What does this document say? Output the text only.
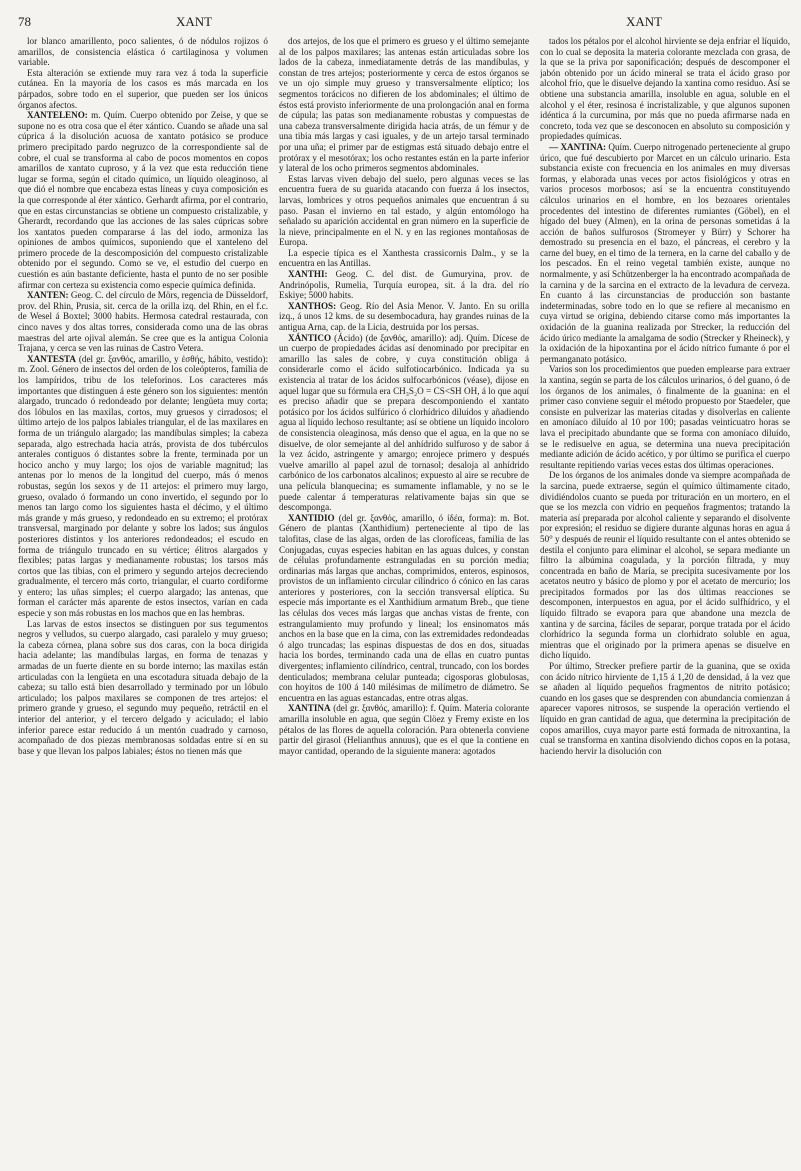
78	XANT	XANT

lor blanco amarillento, poco salientes, ó de nódulos rojizos ó amarillos, de consistencia elástica ó cartilaginosa y volumen variable.

Esta alteración se extiende muy rara vez á toda la superficie cutánea. En la mayoría de los casos es más marcada en los párpados, sobre todo en el superior, que pueden ser los únicos órganos afectos.

XANTELENO: m. Quím. Cuerpo obtenido por Zeise, y que se supone no es otra cosa que el éter xántico. Cuando se añade una sal cúprica á la disolución acuosa de xantato potásico se produce primero precipitado pardo negruzco de la correspondiente sal de cobre, el cual se transforma al cabo de pocos momentos en copos amarillos de xantato cuproso, y á la vez que esta reducción tiene lugar se forma, según el citado químico, un líquido oleaginoso, al que dió el nombre que encabeza estas líneas y cuya composición es la que corresponde al éter xántico. Gerhardt afirma, por el contrario, que en estas circunstancias se obtiene un compuesto cristalizable, y Gherardt, recordando que las acciones de las sales cúpricas sobre los xantatos pueden compararse á las del iodo, armoniza las opiniones de ambos químicos, suponiendo que el xanteleno del primero procede de la descomposición del compuesto cristalizable obtenido por el segundo. Como se ve, el estudio del cuerpo en cuestión es aún bastante deficiente, hasta el punto de no ser posible afirmar con certeza su existencia como especie química definida.

XANTEN: Geog. C. del círculo de Mörs, regencia de Düsseldorf, prov. del Rhin, Prusia, sit. cerca de la orilla izq. del Rhin, en el f.c. de Wesel á Boxtel; 3000 habits. Hermosa catedral restaurada, con cinco naves y dos altas torres, considerada como una de las obras maestras del arte ojival alemán. Se cree que es la antigua Colonia Trajana, y cerca se ven las ruinas de Castro Vetera.

XANTESTA (del gr. ξανθός, amarillo, y ἐσθής, hábito, vestido): m. Zool. Género de insectos del orden de los coleópteros, familia de los lampíridos, tribu de los teleforinos. Los caracteres más importantes que distinguen á este género son los siguientes: mentón alargado, truncado ó redondeado por delante; lengüeta muy corta; dos lóbulos en las maxilas, cortos, muy gruesos y cirradosos; el último artejo de los palpos labiales triangular, el de las maxilares en forma de un triángulo alargado; las mandíbulas simples; la cabeza separada, algo estrechada hacia atrás, provista de dos tubérculos anterales contiguos ó distantes sobre la frente, terminada por un hocico ancho y muy largo; los ojos de variable magnitud; las antenas por lo menos de la longitud del cuerpo, más ó menos robustas, según los sexos y de 11 artejos: el primero muy largo, grueso, ovalado ó formando un cono invertido, el segundo por lo menos tan largo como los siguientes hasta el décimo, y el último más grande y más grueso, y redondeado en su extremo; el protórax transversal, marginado por delante y sobre los lados; sus ángulos posteriores distintos y los anteriores redondeados; el escudo en forma de triángulo truncado en su vértice; élitros alargados y flexibles; patas largas y medianamente robustas; los tarsos más cortos que las tibias, con el primero y segundo artejos decreciendo gradualmente, el tercero más corto, triangular, el cuarto cordiforme y entero; las uñas simples; el cuerpo alargado; las antenas, que forman el carácter más aparente de estos insectos, varían en cada especie y son más robustas en los machos que en las hembras.

Las larvas de estos insectos se distinguen por sus tegumentos negros y velludos, su cuerpo alargado, casi paralelo y muy grueso; la cabeza córnea, plana sobre sus dos caras, con la boca dirigida hacia adelante; las mandíbulas largas, en forma de tenazas y armadas de un fuerte diente en su borde interno; las maxilas están articuladas con la lengüeta en una escotadura situada debajo de la cabeza; su tallo está bien desarrollado y terminado por un lóbulo articulado; los palpos maxilares se componen de tres artejos: el primero grande y grueso, el segundo muy pequeño, retráctil en el interior del anterior, y el tercero delgado y aciculado; el labio inferior parece estar reducido á un mentón cuadrado y carnoso, acompañado de dos piezas membranosas soldadas entre sí en su base y que llevan los palpos labiales; éstos no tienen más que

dos artejos, de los que el primero es grueso y el último semejante al de los palpos maxilares; las antenas están articuladas sobre los lados de la cabeza, inmediatamente detrás de las mandíbulas, y constan de tres artejos; posteriormente y cerca de estos órganos se ve un ojo simple muy grueso y transversalmente elíptico; los segmentos torácicos no difieren de los abdominales; el último de éstos está provisto inferiormente de una prolongación anal en forma de cúpula; las patas son medianamente robustas y compuestas de una cabeza transversalmente dirigida hacia atrás, de un fémur y de una tibia más largas y casi iguales, y de un artejo tarsal terminado por una uña; el primer par de estigmas está situado debajo entre el protórax y el mesotórax; los ocho restantes están en la parte inferior y lateral de los ocho primeros segmentos abdominales.

Estas larvas viven debajo del suelo, pero algunas veces se las encuentra fuera de su guarida atacando con fuerza á los insectos, larvas, lombrices y otros pequeños animales que encuentran á su paso. Pasan el invierno en tal estado, y algún entomólogo ha señalado su aparición accidental en gran número en la superficie de la nieve, principalmente en el N. y en las regiones montañosas de Europa.

La especie típica es el Xanthesta crassicornis Dalm., y se la encuentra en las Antillas.

XANTHI: Geog. C. del dist. de Gumurуina, prov. de Andrinópolis, Rumelia, Turquía europea, sit. á la dra. del río Eskiye; 5000 habits.

XANTHOS: Geog. Río del Asia Menor. V. Janto. En su orilla izq., á unos 12 kms. de su desembocadura, hay grandes ruinas de la antigua Arna, cap. de la Licia, destruida por los persas.

XÁNTICO (Ácido) (de ξανθός, amarillo): adj. Quím. Dícese de un cuerpo de propiedades ácidas así denominado por precipitar en amarillo las sales de cobre, y cuya constitución obliga á considerarle como el ácido sulfotiocarbónico. Indicada ya su existencia al tratar de los ácidos sulfocarbónicos (véase), dijose en aquel lugar que su fórmula era CH₃S₂O = CS<SH OH, á lo que aquí es preciso añadir que se prepara descomponiendo el xantato potásico por los ácidos sulfúrico ó clorhídrico diluídos y añadiendo agua al líquido lechoso resultante; así se obtiene un líquido incoloro de consistencia oleaginosa, más denso que el agua, en la que no se disuelve, de olor semejante al del anhídrido sulfuroso y de sabor á la vez ácido, astringente y amargo; enrojece primero y después vuelve amarillo al papel azul de tornasol; desaloja al anhídrido carbónico de los carbonatos alcalinos; expuesto al aire se recubre de una película blanquecina; es sumamente inflamable, y no se le puede calentar á temperaturas relativamente bajas sin que se descomponga.

XANTIDIO (del gr. ξανθός, amarillo, ó ἰδέα, forma): m. Bot. Género de plantas (Xanthidium) perteneciente al tipo de las talofitas, clase de las algas, orden de las clorofíceas, familia de las Conjugadas, cuyas especies habitan en las aguas dulces, y constan de células profundamente estranguladas en su porción media; ordinarias más largas que anchas, comprimidos, enteros, espinosos, provistos de un inflamiento circular cilíndrico ó cónico en las caras anteriores y posteriores, con la sección transversal elíptica. Su especie más importante es el Xanthidium armatum Breb., que tiene las células dos veces más largas que anchas vistas de frente, con estrangulamiento muy profundo y lineal; los ensinomatos más anchos en la base que en la cima, con las extremidades redondeadas ó algo truncadas; las espinas dispuestas de dos en dos, situadas hacia los bordes, terminando cada una de ellas en cuatro puntas divergentes; inflamiento cilíndrico, central, truncado, con los bordes denticulados; membrana celular punteada; cigosporas globulosas, con hoyitos de 100 á 140 milésimas de milímetro de diámetro. Se encuentra en las aguas estancadas, entre otras algas.

XANTINA (del gr. ξανθός, amarillo): f. Quím. Materia colorante amarilla insoluble en agua, que según Clöez y Fremy existe en los pétalos de las flores de aquella coloración. Para obtenerla conviene partir del girasol (Helianthus annuus), que es el que la contiene en mayor cantidad, operando de la siguiente manera: agotados

tados los pétalos por el alcohol hirviente se deja enfriar el líquido, con lo cual se deposita la materia colorante mezclada con grasa, de la que se la priva por saponificación; después de descomponer el jabón obtenido por un ácido mineral se trata el ácido graso por alcohol frío, que le disuelve dejando la xantina como residuo. Así se obtiene una substancia amarilla, insoluble en agua, soluble en el alcohol y el éter, resinosa é incristalizable, y que algunos suponen idéntica á la curcumina, por más que no pueda afirmarse nada en concreto, toda vez que se desconocen en absoluto su composición y propiedades químicas.

— XANTINA: Quím. Cuerpo nitrogenado perteneciente al grupo úrico, que fué descubierto por Marcet en un cálculo urinario. Esta substancia existe con frecuencia en los animales en muy diversas formas, y elaborada unas veces por actos fisiológicos y otras en varios procesos morbosos; así se la encuentra constituyendo cálculos urinarios en el hombre, en los bezoares orientales procedentes del intestino de diferentes rumiantes (Göbel), en el hígado del buey (Almen), en la orina de personas sometidas á la acción de baños sulfurosos (Stromeyer y Bürr) y Schorer ha demostrado su presencia en el bazo, el páncreas, el cerebro y la carne del buey, en el timo de la ternera, en la carne del caballo y de los pescados. En el reino vegetal también existe, aunque no normalmente, y así Schützenberger la ha encontrado acompañada de la carnina y de la sarcina en el extracto de la levadura de cerveza. En cuanto á las circunstancias de producción son bastante indeterminadas, sobre todo en lo que se refiere al mecanismo en cuya virtud se origina, debiendo citarse como más importantes la oxidación de la guanina realizada por Strecker, la reducción del ácido úrico mediante la amalgama de sodio (Strecker y Rheineck), y la oxidación de la hipoxantina por el ácido nítrico fumante ó por el permanganato potásico.

Varios son los procedimientos que pueden emplearse para extraer la xantina, según se parta de los cálculos urinarios, ó del guano, ó de los órganos de los animales, ó finalmente de la guanina: en el primer caso conviene seguir el método propuesto por Staedeler, que consiste en pulverizar las materias citadas y disolverlas en caliente en amoníaco diluído al 10 por 100; pasadas veinticuatro horas se lava el precipitado abundante que se forma con amoníaco diluído, se le redisuelve en agua, se determina una nueva precipitación mediante adición de ácido acético, y por último se purifica el cuerpo resultante repitiendo varias veces estas dos últimas operaciones.

De los órganos de los animales donde va siempre acompañada de la sarcina, puede extraerse, según el químico últimamente citado, dividiéndolos cuanto se pueda por trituración en un mortero, en el que se los mezcla con vidrio en pequeños fragmentos; tratando la materia así preparada por alcohol caliente y separando el disolvente por expresión; el residuo se digiere durante algunas horas en agua á 50° y después de reunir el líquido resultante con el antes obtenido se destila el conjunto para eliminar el alcohol, se separa mediante un filtro la albúmina coagulada, y la porción filtrada, y muy concentrada en baño de María, se precipita sucesivamente por los acetatos neutro y básico de plomo y por el acetato de mercurio; los precipitados formados por las dos últimas reacciones se descomponen, interpuestos en agua, por el ácido sulfhídrico, y el líquido filtrado se evapora para que abandone una mezcla de xantina y de sarcina, fáciles de separar, porque tratada por el ácido clorhídrico la segunda forma un clorhidrato soluble en agua, mientras que el originado por la primera apenas se disuelve en dicho líquido.

Por último, Strecker prefiere partir de la guanina, que se oxida con ácido nítrico hirviente de 1,15 á 1,20 de densidad, á la vez que se añaden al líquido pequeños fragmentos de nitrito potásico; cuando en los gases que se desprenden con abundancia comienzan á aparecer vapores nitrosos, se suspende la operación vertiendo el líquido en gran cantidad de agua, que determina la precipitación de copos amarillos, cuya mayor parte está formada de nitroxantina, la cual se transforma en xantina disolviendo dichos copos en la potasa, haciendo hervir la disolución con
